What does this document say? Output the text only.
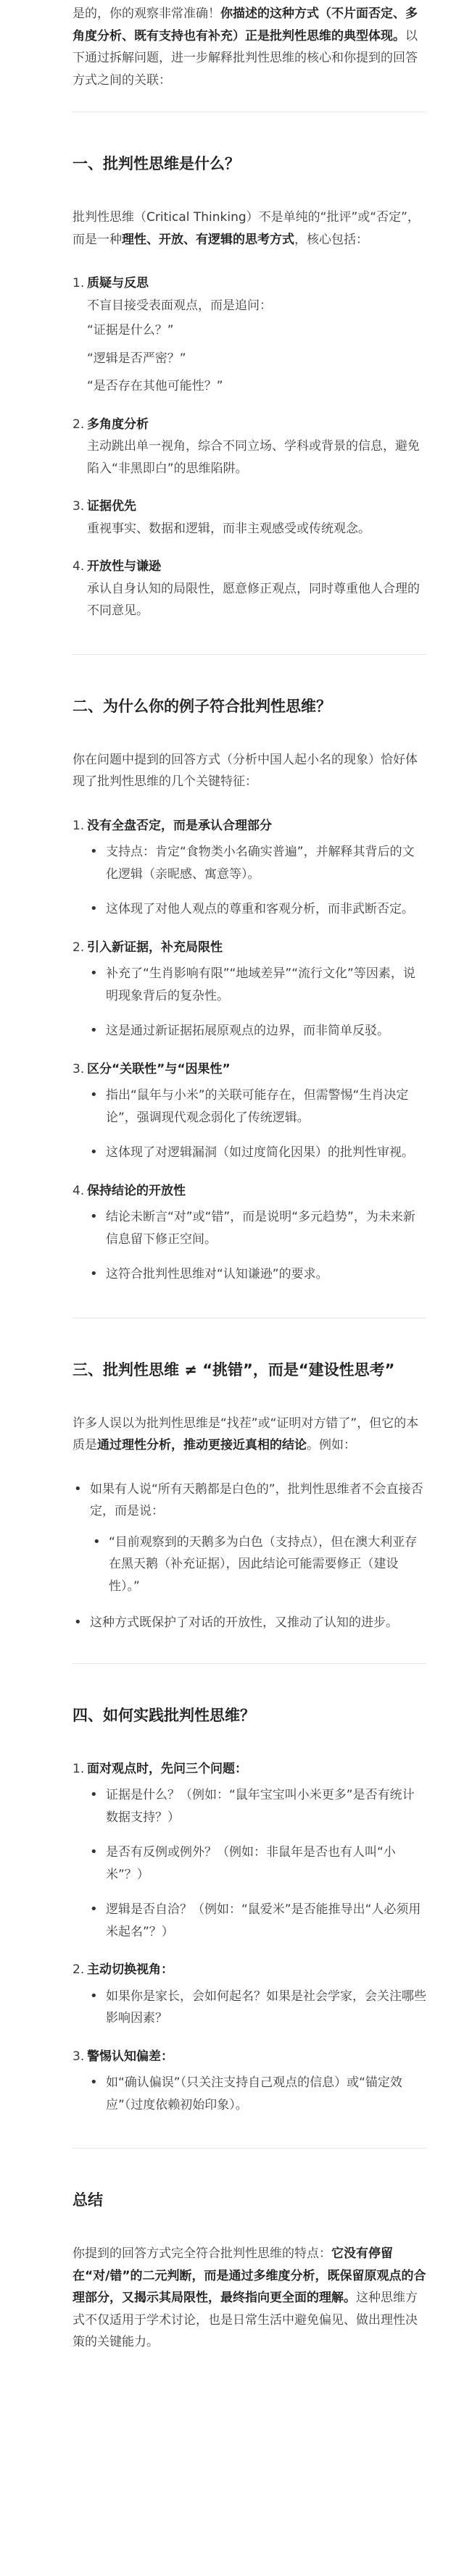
是的，你的观察非常准确！你描述的这种方式（不片面否定、多角度分析、既有支持也有补充）正是批判性思维的典型体现。以下通过拆解问题，进一步解释批判性思维的核心和你提到的回答方式之间的关联：

一、批判性思维是什么？

批判性思维（Critical Thinking）不是单纯的“批评”或“否定”，而是一种理性、开放、有逻辑的思考方式，核心包括：

1. 质疑与反思
不盲目接受表面观点，而是追问：
“证据是什么？”
“逻辑是否严密？”
“是否存在其他可能性？”
2. 多角度分析
主动跳出单一视角，综合不同立场、学科或背景的信息，避免陷入“非黑即白”的思维陷阱。
3. 证据优先
重视事实、数据和逻辑，而非主观感受或传统观念。
4. 开放性与谦逊
承认自身认知的局限性，愿意修正观点，同时尊重他人合理的不同意见。
二、为什么你的例子符合批判性思维？

你在问题中提到的回答方式（分析中国人起小名的现象）恰好体现了批判性思维的几个关键特征：

1. 没有全盘否定，而是承认合理部分
• 支持点：肯定“食物类小名确实普遍”，并解释其背后的文化逻辑（亲昵感、寓意等）。
• 这体现了对他人观点的尊重和客观分析，而非武断否定。
2. 引入新证据，补充局限性
• 补充了“生肖影响有限”“地域差异”“流行文化”等因素，说明现象背后的复杂性。
• 这是通过新证据拓展原观点的边界，而非简单反驳。
3. 区分“关联性”与“因果性”
• 指出“鼠年与小米”的关联可能存在，但需警惕“生肖决定论”，强调现代观念弱化了传统逻辑。
• 这体现了对逻辑漏洞（如过度简化因果）的批判性审视。
4. 保持结论的开放性
• 结论未断言“对”或“错”，而是说明“多元趋势”，为未来新信息留下修正空间。
• 这符合批判性思维对“认知谦逊”的要求。
三、批判性思维 ≠ “挑错”，而是“建设性思考”

许多人误以为批判性思维是“找茬”或“证明对方错了”，但它的本质是通过理性分析，推动更接近真相的结论。例如：

• 如果有人说“所有天鹅都是白色的”，批判性思维者不会直接否定，而是说：
• “目前观察到的天鹅多为白色（支持点），但在澳大利亚存在黑天鹅（补充证据），因此结论可能需要修正（建设性）。”
• 这种方式既保护了对话的开放性，又推动了认知的进步。
四、如何实践批判性思维？
1. 面对观点时，先问三个问题：
• 证据是什么？（例如：“鼠年宝宝叫小米更多”是否有统计数据支持？）
• 是否有反例或例外？（例如：非鼠年是否也有人叫“小米”？）
• 逻辑是否自洽？（例如：“鼠爱米”是否能推导出“人必须用米起名”？）
2. 主动切换视角：
• 如果你是家长，会如何起名？如果是社会学家，会关注哪些影响因素？
3. 警惕认知偏差：
• 如“确认偏误”（只关注支持自己观点的信息）或“锚定效应”（过度依赖初始印象）。
总结

你提到的回答方式完全符合批判性思维的特点：它没有停留在“对/错”的二元判断，而是通过多维度分析，既保留原观点的合理部分，又揭示其局限性，最终指向更全面的理解。这种思维方式不仅适用于学术讨论，也是日常生活中避免偏见、做出理性决策的关键能力。
